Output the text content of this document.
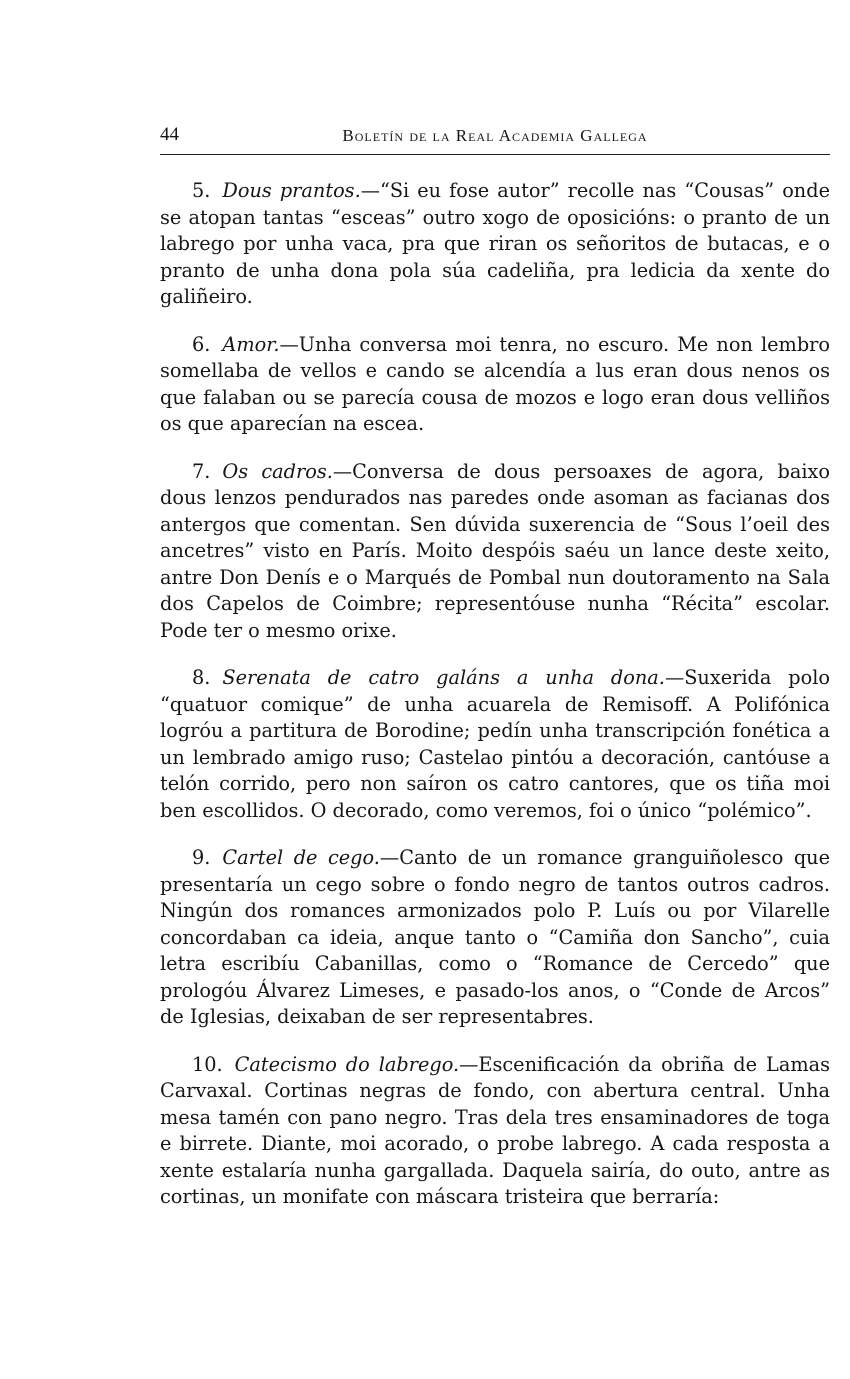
44	Boletín de la Real Academia Gallega

5. Dous prantos.—“Si eu fose autor” recolle nas “Cousas” onde se atopan tantas “esceas” outro xogo de oposicións: o pranto de un labrego por unha vaca, pra que riran os señoritos de butacas, e o pranto de unha dona pola súa cadeliña, pra ledicia da xente do galiñeiro.

6. Amor.—Unha conversa moi tenra, no escuro. Me non lembro somellaba de vellos e cando se alcendía a lus eran dous nenos os que falaban ou se parecía cousa de mozos e logo eran dous velliños os que aparecían na escea.

7. Os cadros.—Conversa de dous persoaxes de agora, baixo dous lenzos pendurados nas paredes onde asoman as facianas dos antergos que comentan. Sen dúvida suxerencia de “Sous l’oeil des ancetres” visto en París. Moito despóis saéu un lance deste xeito, antre Don Denís e o Marqués de Pombal nun doutoramento na Sala dos Capelos de Coimbre; representóuse nunha “Récita” escolar. Pode ter o mesmo orixe.

8. Serenata de catro galáns a unha dona.—Suxerida polo “quatuor comique” de unha acuarela de Remisoff. A Polifónica logróu a partitura de Borodine; pedín unha transcripción fonética a un lembrado amigo ruso; Castelao pintóu a decoración, cantóuse a telón corrido, pero non saíron os catro cantores, que os tiña moi ben escollidos. O decorado, como veremos, foi o único “polémico”.

9. Cartel de cego.—Canto de un romance granguiñolesco que presentaría un cego sobre o fondo negro de tantos outros cadros. Ningún dos romances armonizados polo P. Luís ou por Vilarelle concordaban ca ideia, anque tanto o “Camiña don Sancho”, cuia letra escribíu Cabanillas, como o “Romance de Cercedo” que prologóu Álvarez Limeses, e pasado-los anos, o “Conde de Arcos” de Iglesias, deixaban de ser representabres.

10. Catecismo do labrego.—Escenificación da obriña de Lamas Carvaxal. Cortinas negras de fondo, con abertura central. Unha mesa tamén con pano negro. Tras dela tres ensaminadores de toga e birrete. Diante, moi acorado, o probe labrego. A cada resposta a xente estalaría nunha gargallada. Daquela sairía, do outo, antre as cortinas, un monifate con máscara tristeira que berraría:
